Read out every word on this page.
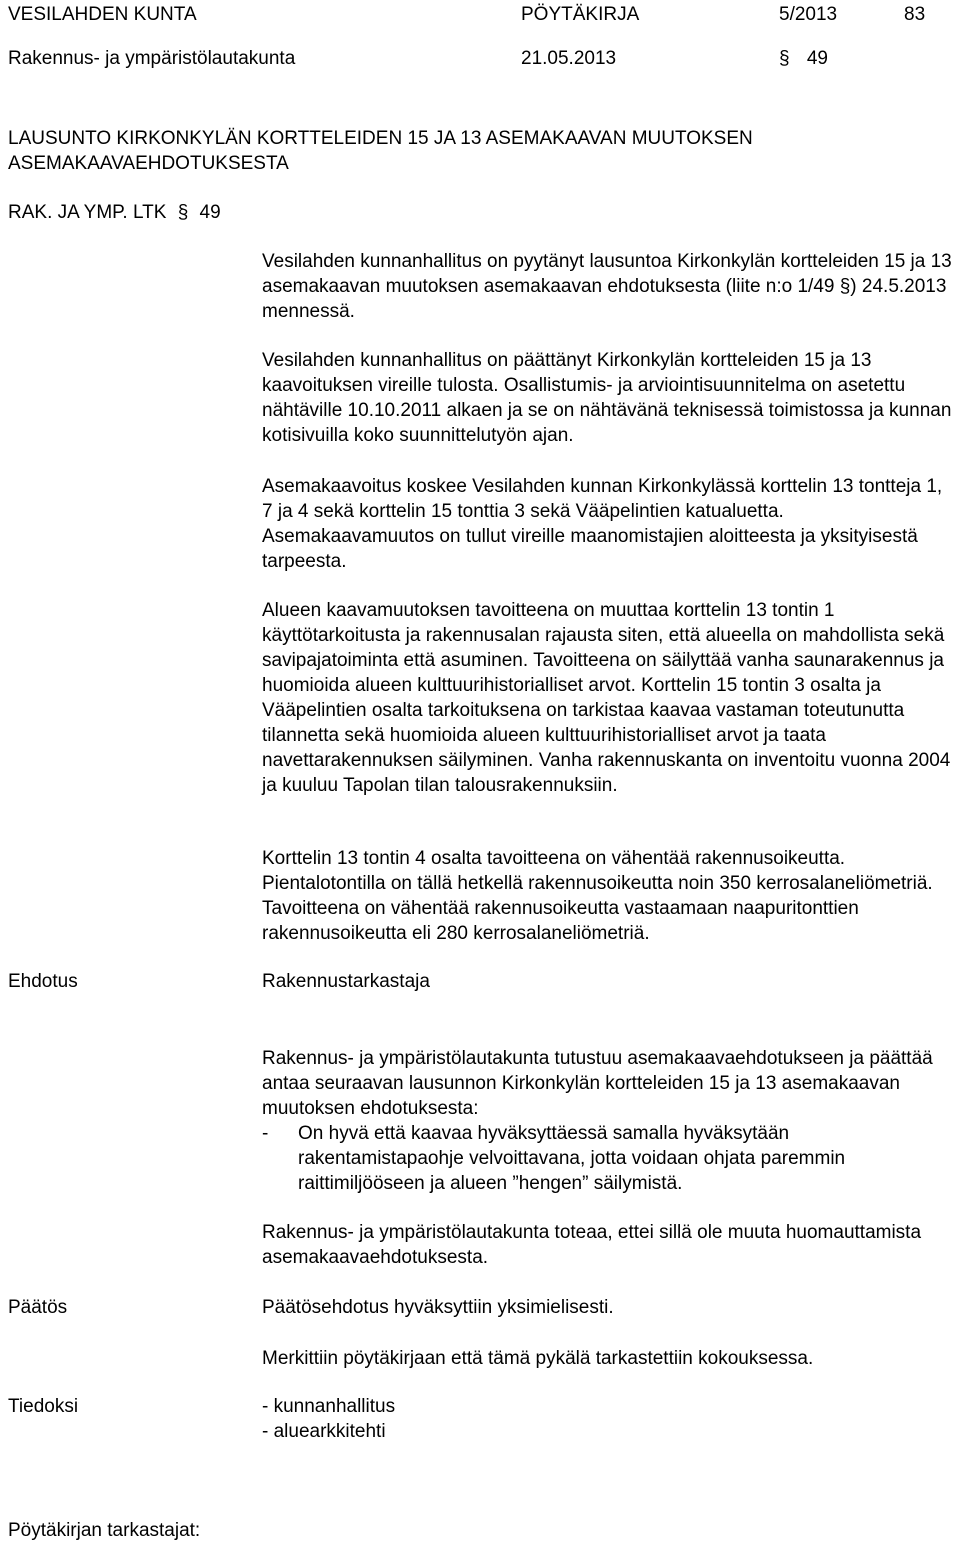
VESILAHDEN KUNTA	PÖYTÄKIRJA	5/2013	83
Rakennus- ja ympäristölautakunta	21.05.2013	§ 49
LAUSUNTO KIRKONKYLÄN KORTTELEIDEN 15 JA 13 ASEMAKAAVAN MUUTOKSEN
ASEMAKAAVAEHDOTUKSESTA
RAK. JA YMP. LTK § 49

Vesilahden kunnanhallitus on pyytänyt lausuntoa Kirkonkylän kortteleiden 15 ja 13 asemakaavan muutoksen asemakaavan ehdotuksesta (liite n:o 1/49 §) 24.5.2013 mennessä.

Vesilahden kunnanhallitus on päättänyt Kirkonkylän kortteleiden 15 ja 13 kaavoituksen vireille tulosta. Osallistumis- ja arviointisuunnitelma on asetettu nähtäville 10.10.2011 alkaen ja se on nähtävänä teknisessä toimistossa ja kunnan kotisivuilla koko suunnittelutyön ajan.

Asemakaavoitus koskee Vesilahden kunnan Kirkonkylässä korttelin 13 tontteja 1, 7 ja 4 sekä korttelin 15 tonttia 3 sekä Vääpelintien katualuetta. Asemakaavamuutos on tullut vireille maanomistajien aloitteesta ja yksityisestä tarpeesta.

Alueen kaavamuutoksen tavoitteena on muuttaa korttelin 13 tontin 1 käyttötarkoitusta ja rakennusalan rajausta siten, että alueella on mahdollista sekä savipajatoiminta että asuminen. Tavoitteena on säilyttää vanha saunarakennus ja huomioida alueen kulttuurihistorialliset arvot. Korttelin 15 tontin 3 osalta ja Vääpelintien osalta tarkoituksena on tarkistaa kaavaa vastaman toteutunutta tilannetta sekä huomioida alueen kulttuurihistorialliset arvot ja taata navettarakennuksen säilyminen. Vanha rakennuskanta on inventoitu vuonna 2004 ja kuuluu Tapolan tilan talousrakennuksiin.

Korttelin 13 tontin 4 osalta tavoitteena on vähentää rakennusoikeutta. Pientalotontilla on tällä hetkellä rakennusoikeutta noin 350 kerrosalaneliömetriä. Tavoitteena on vähentää rakennusoikeutta vastaamaan naapuritonttien rakennusoikeutta eli 280 kerrosalaneliömetriä.

Ehdotus	Rakennustarkastaja

Rakennus- ja ympäristölautakunta tutustuu asemakaavaehdotukseen ja päättää antaa seuraavan lausunnon Kirkonkylän kortteleiden 15 ja 13 asemakaavan muutoksen ehdotuksesta:

-	On hyvä että kaavaa hyväksyttäessä samalla hyväksytään rakentamistapaohje velvoittavana, jotta voidaan ohjata paremmin raittimiljööseen ja alueen ”hengen” säilymistä.

Rakennus- ja ympäristölautakunta toteaa, ettei sillä ole muuta huomauttamista asemakaavaehdotuksesta.

Päätös	Päätösehdotus hyväksyttiin yksimielisesti.

Merkittiin pöytäkirjaan että tämä pykälä tarkastettiin kokouksessa.

Tiedoksi	- kunnanhallitus

- aluearkkitehti

Pöytäkirjan tarkastajat:
